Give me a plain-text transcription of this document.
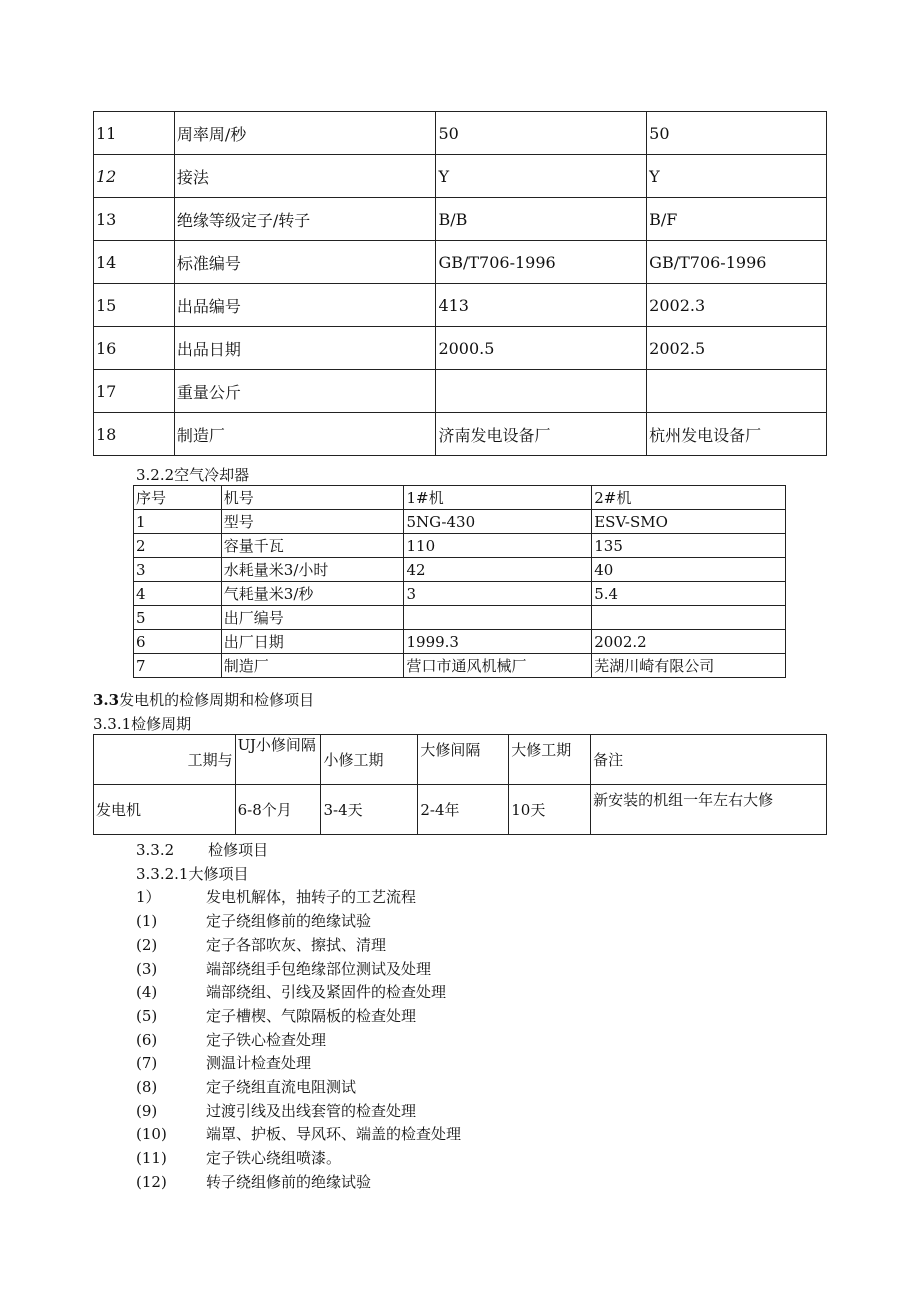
11	周率周/秒	50	50
12	接法	Y	Y
13	绝缘等级定子/转子	B/B	B/F
14	标准编号	GB/T706-1996	GB/T706-1996
15	出品编号	413	2002.3
16	出品日期	2000.5	2002.5
17	重量公斤		
18	制造厂	济南发电设备厂	杭州发电设备厂
3.2.2空气冷却器
序号	机号	1#机	2#机
1	型号	5NG-430	ESV-SMO
2	容量千瓦	110	135
3	水耗量米3/小时	42	40
4	气耗量米3/秒	3	5.4
5	出厂编号		
6	出厂日期	1999.3	2002.2
7	制造厂	营口市通风机械厂	芜湖川崎有限公司
3.3发电机的检修周期和检修项目
3.3.1检修周期
工期与	UJ小修间隔	小修工期	大修间隔	大修工期	备注
发电机	6-8个月	3-4天	2-4年	10天	新安装的机组一年左右大修
3.3.2 检修项目
3.3.2.1大修项目
1）	发电机解体，抽转子的工艺流程
(1)	定子绕组修前的绝缘试验
(2)	定子各部吹灰、擦拭、清理
(3)	端部绕组手包绝缘部位测试及处理
(4)	端部绕组、引线及紧固件的检查处理
(5)	定子槽楔、气隙隔板的检查处理
(6)	定子铁心检查处理
(7)	测温计检查处理
(8)	定子绕组直流电阻测试
(9)	过渡引线及出线套管的检查处理
(10)	端罩、护板、导风环、端盖的检查处理
(11)	定子铁心绕组喷漆。
(12)	转子绕组修前的绝缘试验
